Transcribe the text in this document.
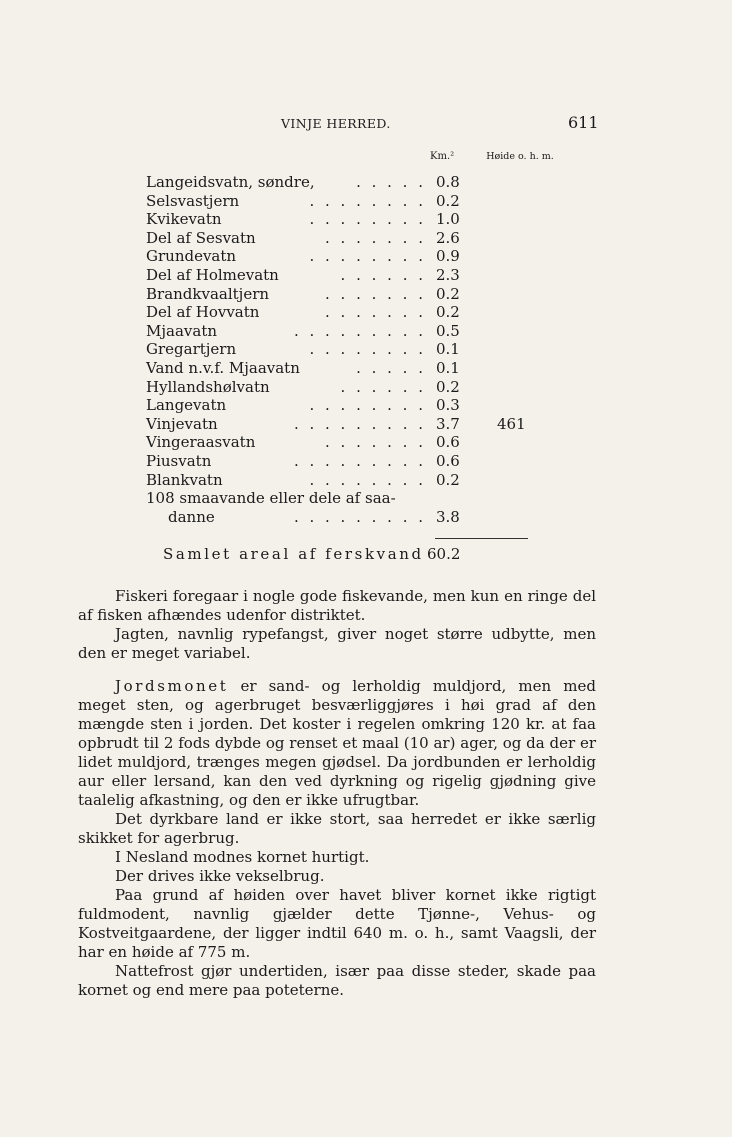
VINJE HERRED.	611
Km.²	Høide o. h. m.
Langeidsvatn, søndre,	. . . . . 0.8
Selsvastjern	. . . . . . . . 0.2
Kvikevatn	. . . . . . . . 1.0
Del af Sesvatn	. . . . . . . 2.6
Grundevatn	. . . . . . . . 0.9
Del af Holmevatn	. . . . . . 2.3
Brandkvaaltjern	. . . . . . . 0.2
Del af Hovvatn	. . . . . . . 0.2
Mjaavatn	. . . . . . . . . 0.5
Gregartjern	. . . . . . . . 0.1
Vand n.v.f. Mjaavatn	. . . . . 0.1
Hyllandshølvatn	. . . . . . 0.2
Langevatn	. . . . . . . . 0.3
Vinjevatn	. . . . . . . . . 3.7 461
Vingeraasvatn	. . . . . . . 0.6
Piusvatn	. . . . . . . . . 0.6
Blankvatn	. . . . . . . . 0.2
108 smaavande eller dele af saa-
danne	. . . . . . . . . 3.8
Samlet areal af ferskvand 60.2
Fiskeri foregaar i nogle gode fiskevande, men kun en ringe del af fisken afhændes udenfor distriktet.
Jagten, navnlig rypefangst, giver noget større udbytte, men den er meget variabel.
Jordsmonet er sand- og lerholdig muldjord, men med meget sten, og agerbruget besværliggjøres i høi grad af den mængde sten i jorden. Det koster i regelen omkring 120 kr. at faa opbrudt til 2 fods dybde og renset et maal (10 ar) ager, og da der er lidet muldjord, trænges megen gjødsel. Da jordbunden er lerholdig aur eller lersand, kan den ved dyrkning og rigelig gjødning give taalelig afkastning, og den er ikke ufrugtbar.
Det dyrkbare land er ikke stort, saa herredet er ikke særlig skikket for agerbrug.
I Nesland modnes kornet hurtigt.
Der drives ikke vekselbrug.
Paa grund af høiden over havet bliver kornet ikke rigtigt fuldmodent, navnlig gjælder dette Tjønne-, Vehus- og Kostveitgaardene, der ligger indtil 640 m. o. h., samt Vaagsli, der har en høide af 775 m.
Nattefrost gjør undertiden, især paa disse steder, skade paa kornet og end mere paa poteterne.
